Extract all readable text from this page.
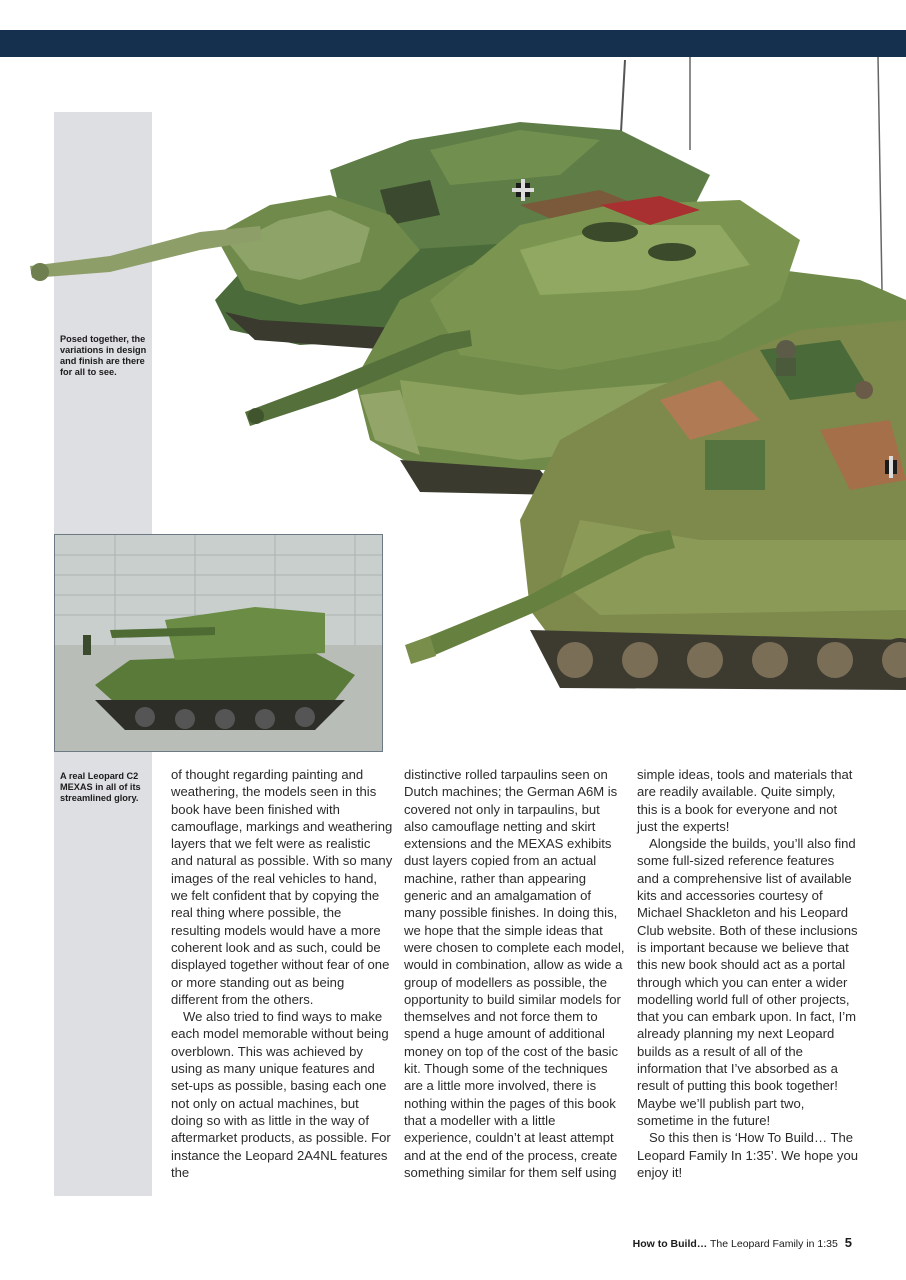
Posed together, the variations in design and finish are there for all to see.
A real Leopard C2 MEXAS in all of its streamlined glory.

of thought regarding painting and weathering, the models seen in this book have been finished with camouflage, markings and weathering layers that we felt were as realistic and natural as possible. With so many images of the real vehicles to hand, we felt confident that by copying the real thing where possible, the resulting models would have a more coherent look and as such, could be displayed together without fear of one or more standing out as being different from the others.

We also tried to find ways to make each model memorable without being overblown. This was achieved by using as many unique features and set-ups as possible, basing each one not only on actual machines, but doing so with as little in the way of aftermarket products, as possible. For instance the Leopard 2A4NL features the

distinctive rolled tarpaulins seen on Dutch machines; the German A6M is covered not only in tarpaulins, but also camouflage netting and skirt extensions and the MEXAS exhibits dust layers copied from an actual machine, rather than appearing generic and an amalgamation of many possible finishes. In doing this, we hope that the simple ideas that were chosen to complete each model, would in combination, allow as wide a group of modellers as possible, the opportunity to build similar models for themselves and not force them to spend a huge amount of additional money on top of the cost of the basic kit. Though some of the techniques are a little more involved, there is nothing within the pages of this book that a modeller with a little experience, couldn’t at least attempt and at the end of the process, create something similar for them self using

simple ideas, tools and materials that are readily available. Quite simply, this is a book for everyone and not just the experts!

Alongside the builds, you’ll also find some full-sized reference features and a comprehensive list of available kits and accessories courtesy of Michael Shackleton and his Leopard Club website. Both of these inclusions is important because we believe that this new book should act as a portal through which you can enter a wider modelling world full of other projects, that you can embark upon. In fact, I’m already planning my next Leopard builds as a result of all of the information that I’ve absorbed as a result of putting this book together! Maybe we’ll publish part two, sometime in the future!

So this then is ‘How To Build… The Leopard Family In 1:35’. We hope you enjoy it!

How to Build… The Leopard Family in 1:35 5
